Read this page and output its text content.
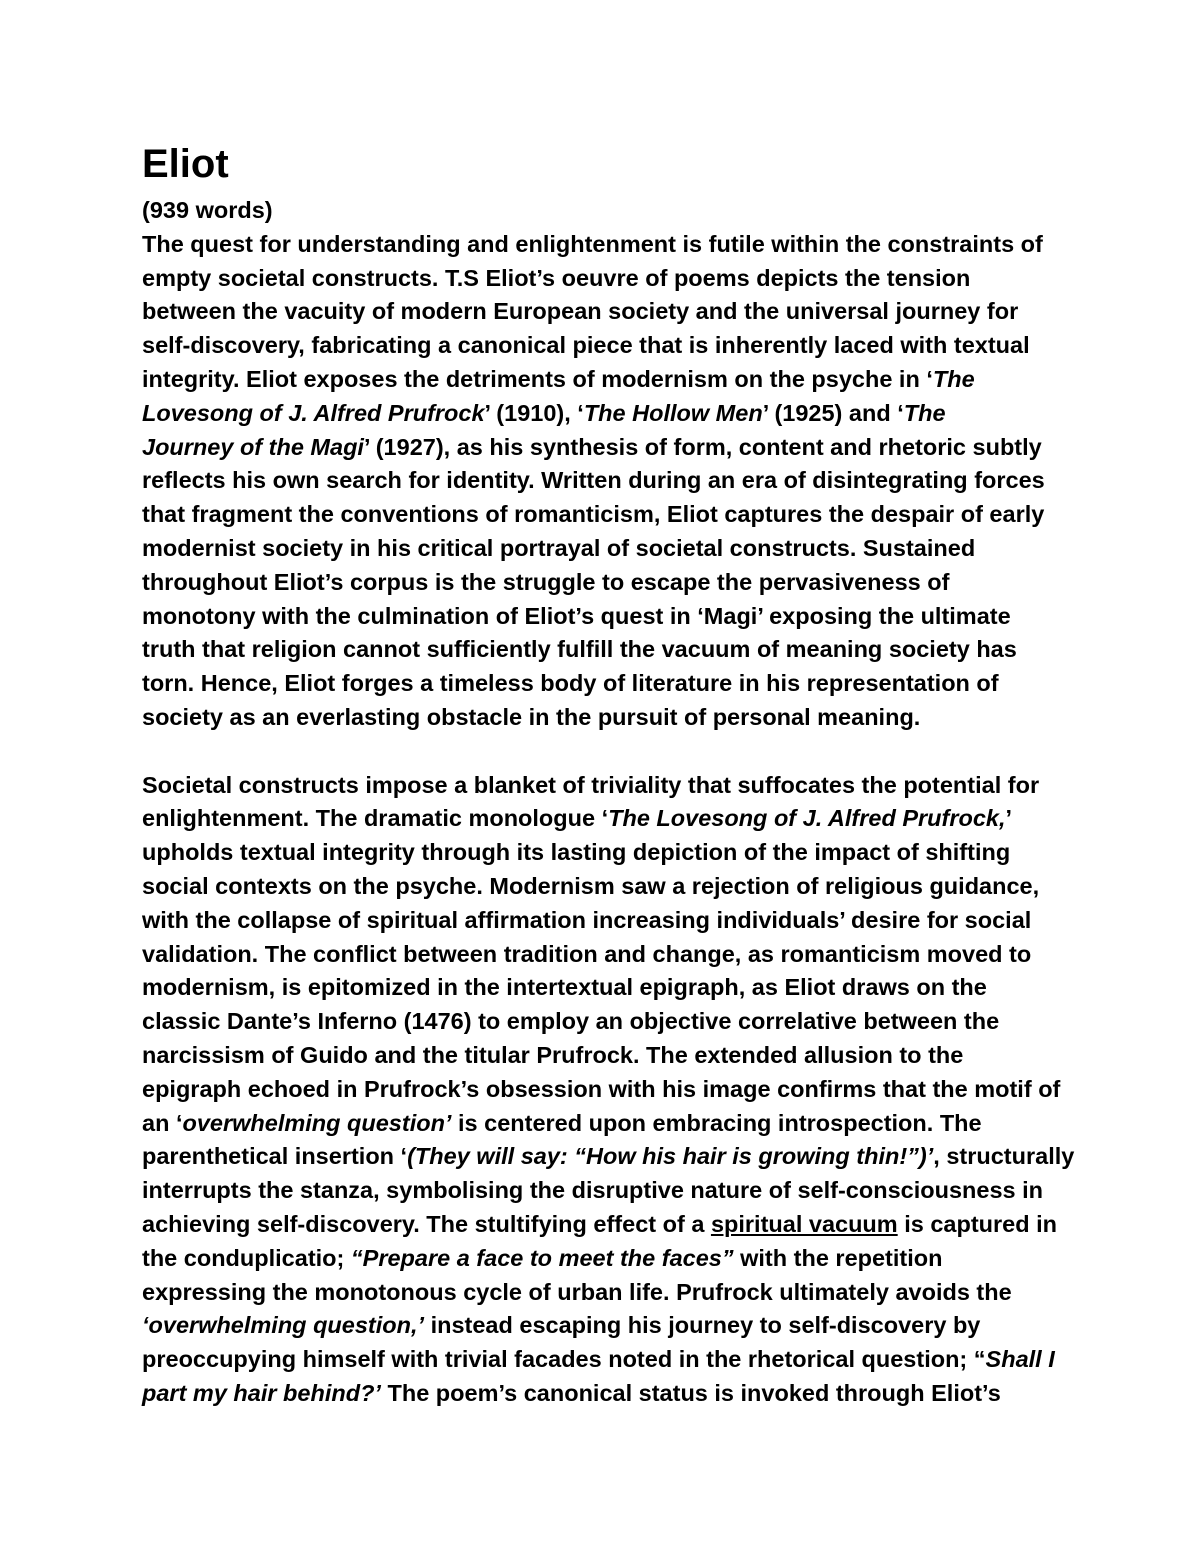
Eliot

(939 words)

The quest for understanding and enlightenment is futile within the constraints of
empty societal constructs. T.S Eliot’s oeuvre of poems depicts the tension
between the vacuity of modern European society and the universal journey for
self-discovery, fabricating a canonical piece that is inherently laced with textual
integrity. Eliot exposes the detriments of modernism on the psyche in ‘The
Lovesong of J. Alfred Prufrock’ (1910), ‘The Hollow Men’ (1925) and ‘The
Journey of the Magi’ (1927), as his synthesis of form, content and rhetoric subtly
reflects his own search for identity. Written during an era of disintegrating forces
that fragment the conventions of romanticism, Eliot captures the despair of early
modernist society in his critical portrayal of societal constructs. Sustained
throughout Eliot’s corpus is the struggle to escape the pervasiveness of
monotony with the culmination of Eliot’s quest in ‘Magi’ exposing the ultimate
truth that religion cannot sufficiently fulfill the vacuum of meaning society has
torn. Hence, Eliot forges a timeless body of literature in his representation of
society as an everlasting obstacle in the pursuit of personal meaning.

Societal constructs impose a blanket of triviality that suffocates the potential for
enlightenment. The dramatic monologue ‘The Lovesong of J. Alfred Prufrock,’
upholds textual integrity through its lasting depiction of the impact of shifting
social contexts on the psyche. Modernism saw a rejection of religious guidance,
with the collapse of spiritual affirmation increasing individuals’ desire for social
validation. The conflict between tradition and change, as romanticism moved to
modernism, is epitomized in the intertextual epigraph, as Eliot draws on the
classic Dante’s Inferno (1476) to employ an objective correlative between the
narcissism of Guido and the titular Prufrock. The extended allusion to the
epigraph echoed in Prufrock’s obsession with his image confirms that the motif of
an ‘overwhelming question’ is centered upon embracing introspection. The
parenthetical insertion ‘(They will say: “How his hair is growing thin!”)’, structurally
interrupts the stanza, symbolising the disruptive nature of self-consciousness in
achieving self-discovery. The stultifying effect of a spiritual vacuum is captured in
the conduplicatio; “Prepare a face to meet the faces” with the repetition
expressing the monotonous cycle of urban life. Prufrock ultimately avoids the
‘overwhelming question,’ instead escaping his journey to self-discovery by
preoccupying himself with trivial facades noted in the rhetorical question; “Shall I
part my hair behind?’ The poem’s canonical status is invoked through Eliot’s
